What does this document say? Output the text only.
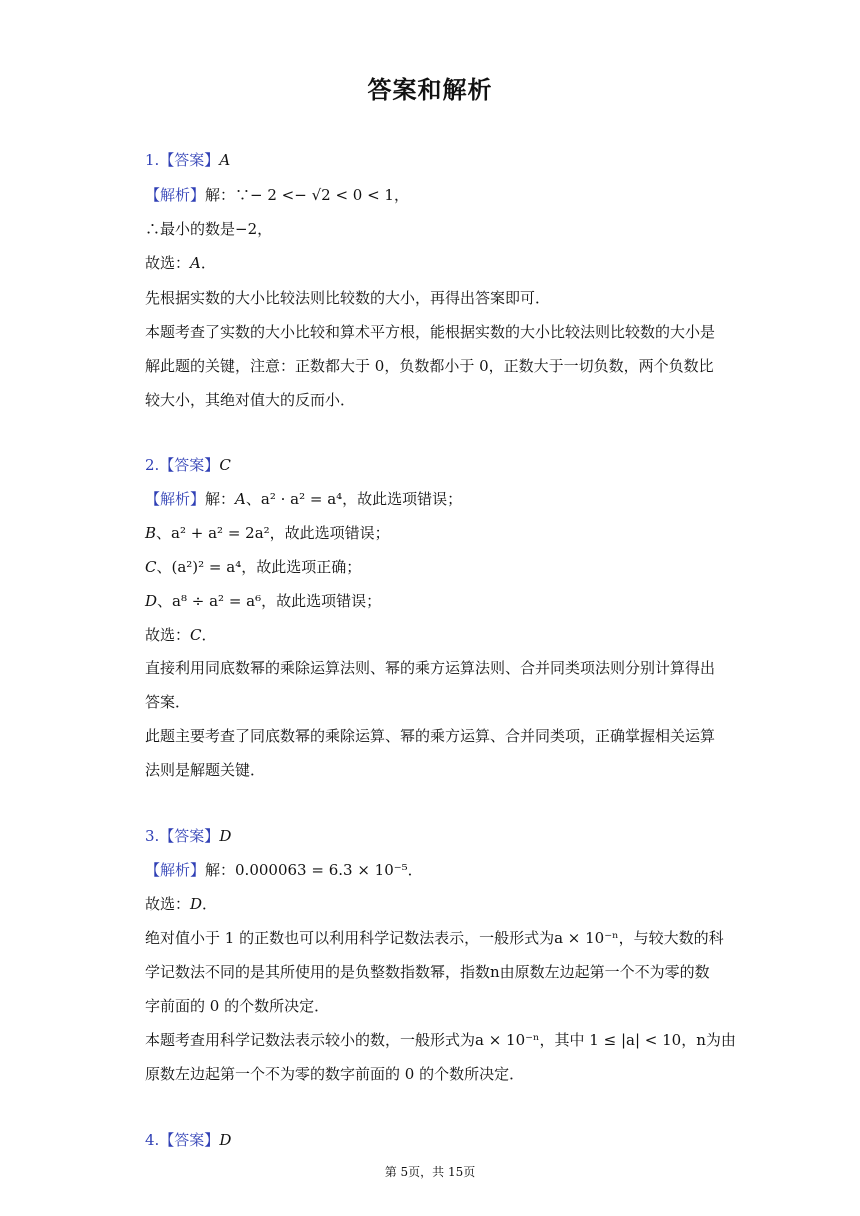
答案和解析
1.【答案】A
【解析】解：∵− 2 <− √2 < 0 < 1，
∴最小的数是−2，
故选：A．
先根据实数的大小比较法则比较数的大小，再得出答案即可．
本题考查了实数的大小比较和算术平方根，能根据实数的大小比较法则比较数的大小是
解此题的关键，注意：正数都大于 0，负数都小于 0，正数大于一切负数，两个负数比
较大小，其绝对值大的反而小．
2.【答案】C
【解析】解：A、a² · a² = a⁴，故此选项错误；
B、a² + a² = 2a²，故此选项错误；
C、(a²)² = a⁴，故此选项正确；
D、a⁸ ÷ a² = a⁶，故此选项错误；
故选：C．
直接利用同底数幂的乘除运算法则、幂的乘方运算法则、合并同类项法则分别计算得出
答案．
此题主要考查了同底数幂的乘除运算、幂的乘方运算、合并同类项，正确掌握相关运算
法则是解题关键．
3.【答案】D
【解析】解：0.000063 = 6.3 × 10⁻⁵．
故选：D．
绝对值小于 1 的正数也可以利用科学记数法表示，一般形式为a × 10⁻ⁿ，与较大数的科
学记数法不同的是其所使用的是负整数指数幂，指数n由原数左边起第一个不为零的数
字前面的 0 的个数所决定．
本题考查用科学记数法表示较小的数，一般形式为a × 10⁻ⁿ，其中 1 ≤ |a| < 10，n为由
原数左边起第一个不为零的数字前面的 0 的个数所决定．
4.【答案】D
第 5页，共 15页
